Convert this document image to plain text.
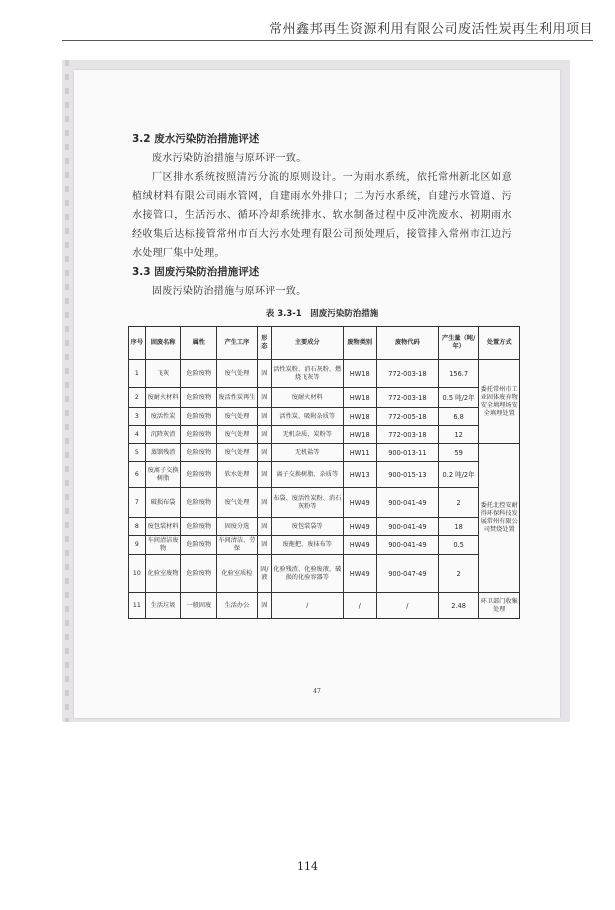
常州鑫邦再生资源利用有限公司废活性炭再生利用项目
3.2 废水污染防治措施评述

废水污染防治措施与原环评一致。

厂区排水系统按照清污分流的原则设计。一为雨水系统，依托常州新北区如意植绒材料有限公司雨水管网，自建雨水外排口；二为污水系统，自建污水管道、污水接管口，生活污水、循环冷却系统排水、软水制备过程中反冲洗废水、初期雨水经收集后达标接管常州市百大污水处理有限公司预处理后，接管排入常州市江边污水处理厂集中处理。

3.3 固废污染防治措施评述

固废污染防治措施与原环评一致。

表 3.3-1　固废污染防治措施
序号	固废名称	属性	产生工序	形态	主要成分	废物类别	废物代码	产生量（吨/年）	处置方式
1	飞灰	危险废物	废气处理	固	活性炭粉、消石灰粉、燃烧飞灰等	HW18	772-003-18	156.7	委托常州市工业固体废弃物安全填埋场安全填埋处置
2	废耐火材料	危险废物	废活性炭再生	固	废耐火材料	HW18	772-003-18	0.5 吨/2年	
3	废活性炭	危险废物	废气处理	固	活性炭、吸附杂质等	HW18	772-005-18	6.8	
4	沉降灰渣	危险废物	废气处理	固	无机杂质、炭粉等	HW18	772-003-18	12	
5	蒸馏残渣	危险废物	废气处理	固	无机盐等	HW11	900-013-11	59	委托北控安耐得环保科技发展常州有限公司焚烧处置
6	废离子交换树脂	危险废物	软水处理	固	离子交换树脂、杂质等	HW13	900-015-13	0.2 吨/2年	
7	破损布袋	危险废物	废气处理	固	布袋、废活性炭粉、消石灰粉等	HW49	900-041-49	2	
8	废包装材料	危险废物	固废分选	固	废包装袋等	HW49	900-041-49	18	
9	车间清洁废物	危险废物	车间清洁、劳保	固	废拖把、废抹布等	HW49	900-041-49	0.5	
10	化验室废物	危险废物	化验室质检	固/液	化验残渣、化验废液、破损的化验容器等	HW49	900-047-49	2	
11	生活垃圾	一般固废	生活办公	固	/	/	/	2.48	环卫部门收集处理
47
114
